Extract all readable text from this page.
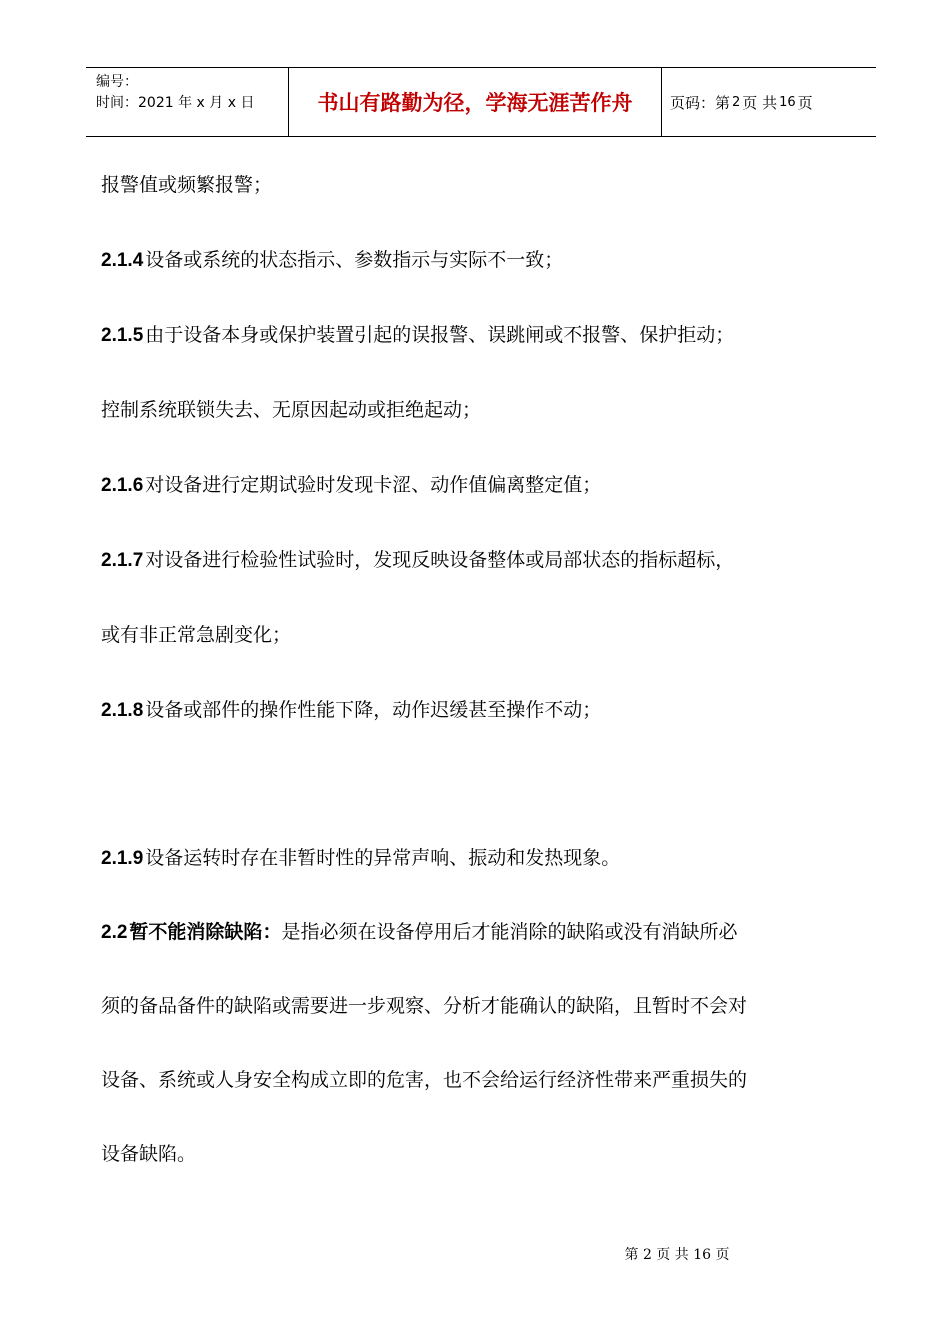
编号：
时间：2021 年 x 月 x 日	书山有路勤为径，学海无涯苦作舟	页码：第 2 页 共 16 页
报警值或频繁报警；
2.1.4 设备或系统的状态指示、参数指示与实际不一致；
2.1.5 由于设备本身或保护装置引起的误报警、误跳闸或不报警、保护拒动；
控制系统联锁失去、无原因起动或拒绝起动；
2.1.6 对设备进行定期试验时发现卡涩、动作值偏离整定值；
2.1.7 对设备进行检验性试验时，发现反映设备整体或局部状态的指标超标，
或有非正常急剧变化；
2.1.8 设备或部件的操作性能下降，动作迟缓甚至操作不动；
2.1.9 设备运转时存在非暂时性的异常声响、振动和发热现象。
2.2 暂不能消除缺陷：是指必须在设备停用后才能消除的缺陷或没有消缺所必
须的备品备件的缺陷或需要进一步观察、分析才能确认的缺陷，且暂时不会对
设备、系统或人身安全构成立即的危害，也不会给运行经济性带来严重损失的
设备缺陷。
第 2 页 共 16 页
